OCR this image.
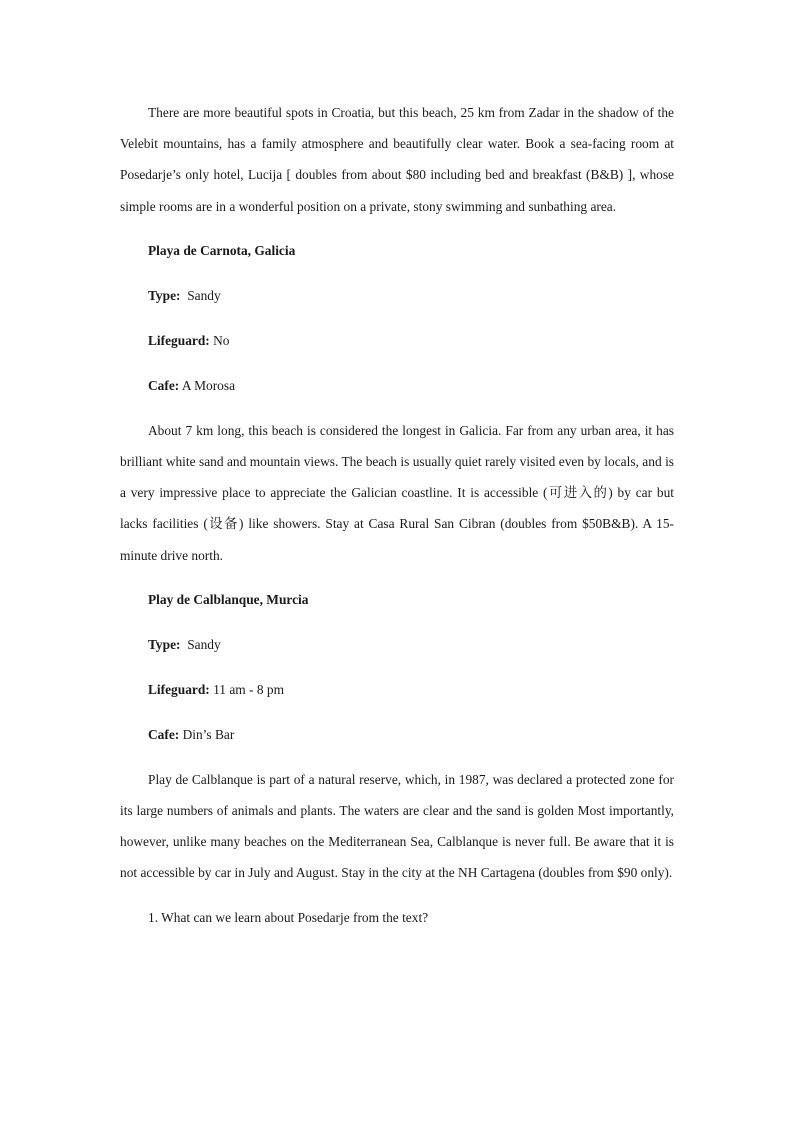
There are more beautiful spots in Croatia, but this beach, 25 km from Zadar in the shadow of the Velebit mountains, has a family atmosphere and beautifully clear water. Book a sea-facing room at Posedarje’s only hotel, Lucija [ doubles from about $80 including bed and breakfast (B&B) ], whose simple rooms are in a wonderful position on a private, stony swimming and sunbathing area.

Playa de Carnota, Galicia

Type: Sandy

Lifeguard: No

Cafe: A Morosa

About 7 km long, this beach is considered the longest in Galicia. Far from any urban area, it has brilliant white sand and mountain views. The beach is usually quiet rarely visited even by locals, and is a very impressive place to appreciate the Galician coastline. It is accessible (可进入的) by car but lacks facilities (设备) like showers. Stay at Casa Rural San Cibran (doubles from $50B&B). A 15-minute drive north.

Play de Calblanque, Murcia

Type: Sandy

Lifeguard: 11 am - 8 pm

Cafe: Din’s Bar

Play de Calblanque is part of a natural reserve, which, in 1987, was declared a protected zone for its large numbers of animals and plants. The waters are clear and the sand is golden Most importantly, however, unlike many beaches on the Mediterranean Sea, Calblanque is never full. Be aware that it is not accessible by car in July and August. Stay in the city at the NH Cartagena (doubles from $90 only).

1. What can we learn about Posedarje from the text?
